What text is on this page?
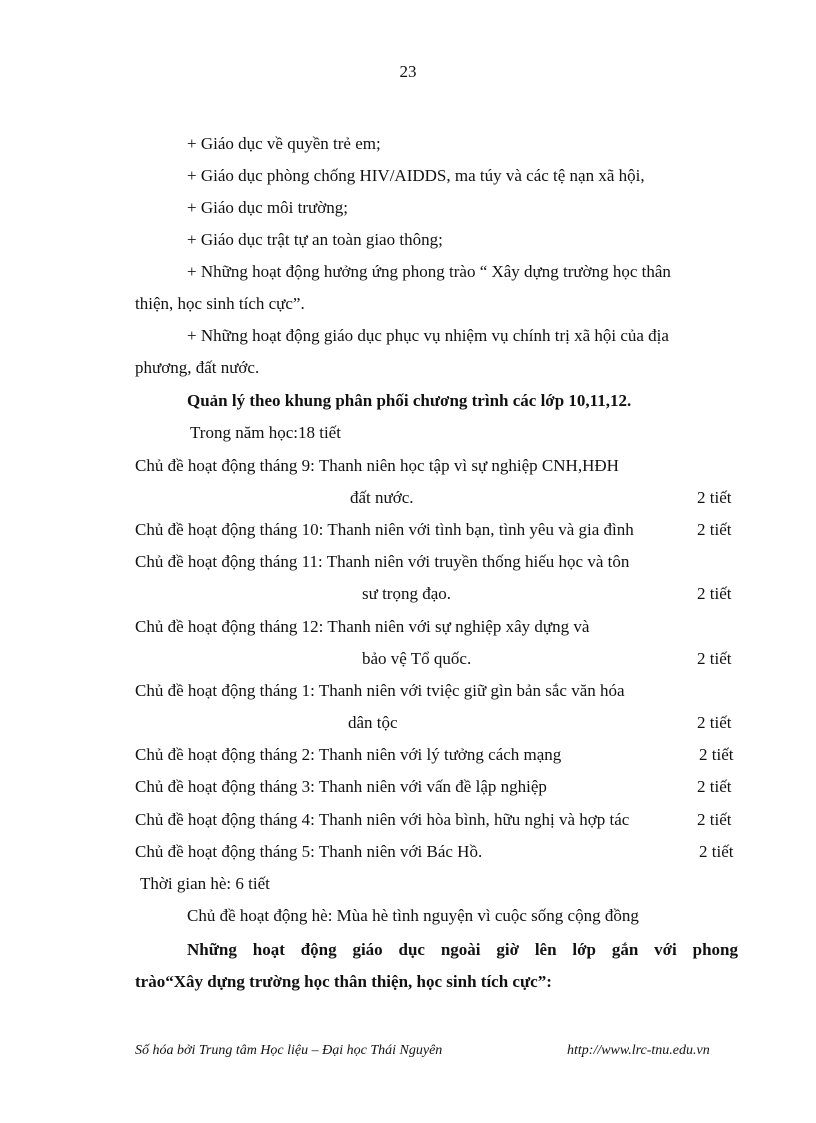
23
+ Giáo dục về quyền trẻ em;
+ Giáo dục phòng chống HIV/AIDDS, ma túy và các tệ nạn xã hội,
+ Giáo dục môi trường;
+ Giáo dục trật tự an toàn giao thông;
+ Những hoạt động hưởng ứng phong trào “ Xây dựng trường học thân
thiện, học sinh tích cực”.
+ Những hoạt động giáo dục phục vụ nhiệm vụ chính trị xã hội của địa
phương, đất nước.
Quản lý theo khung phân phối chương trình các lớp 10,11,12.
Trong năm học:18 tiết
Chủ đề hoạt động tháng 9: Thanh niên học tập vì sự nghiệp CNH,HĐH
đất nước.	2 tiết
Chủ đề hoạt động tháng 10: Thanh niên với tình bạn, tình yêu và gia đình	2 tiết
Chủ đề hoạt động tháng 11: Thanh niên với truyền thống hiếu học và tôn
sư trọng đạo.	2 tiết
Chủ đề hoạt động tháng 12: Thanh niên với sự nghiệp xây dựng và
bảo vệ Tổ quốc.	2 tiết
Chủ đề hoạt động tháng 1: Thanh niên với tviệc giữ gìn bản sắc văn hóa
dân tộc	2 tiết
Chủ đề hoạt động tháng 2: Thanh niên với lý tưởng cách mạng	2 tiết
Chủ đề hoạt động tháng 3: Thanh niên với vấn đề lập nghiệp	2 tiết
Chủ đề hoạt động tháng 4: Thanh niên với hòa bình, hữu nghị và hợp tác	2 tiết
Chủ đề hoạt động tháng 5: Thanh niên với Bác Hồ.	2 tiết
Thời gian hè: 6 tiết
Chủ đề hoạt động hè: Mùa hè tình nguyện vì cuộc sống cộng đồng
Những hoạt động giáo dục ngoài giờ lên lớp gắn với phong
trào“Xây dựng trường học thân thiện, học sinh tích cực”:
Số hóa bởi Trung tâm Học liệu – Đại học Thái Nguyên	http://www.lrc-tnu.edu.vn
